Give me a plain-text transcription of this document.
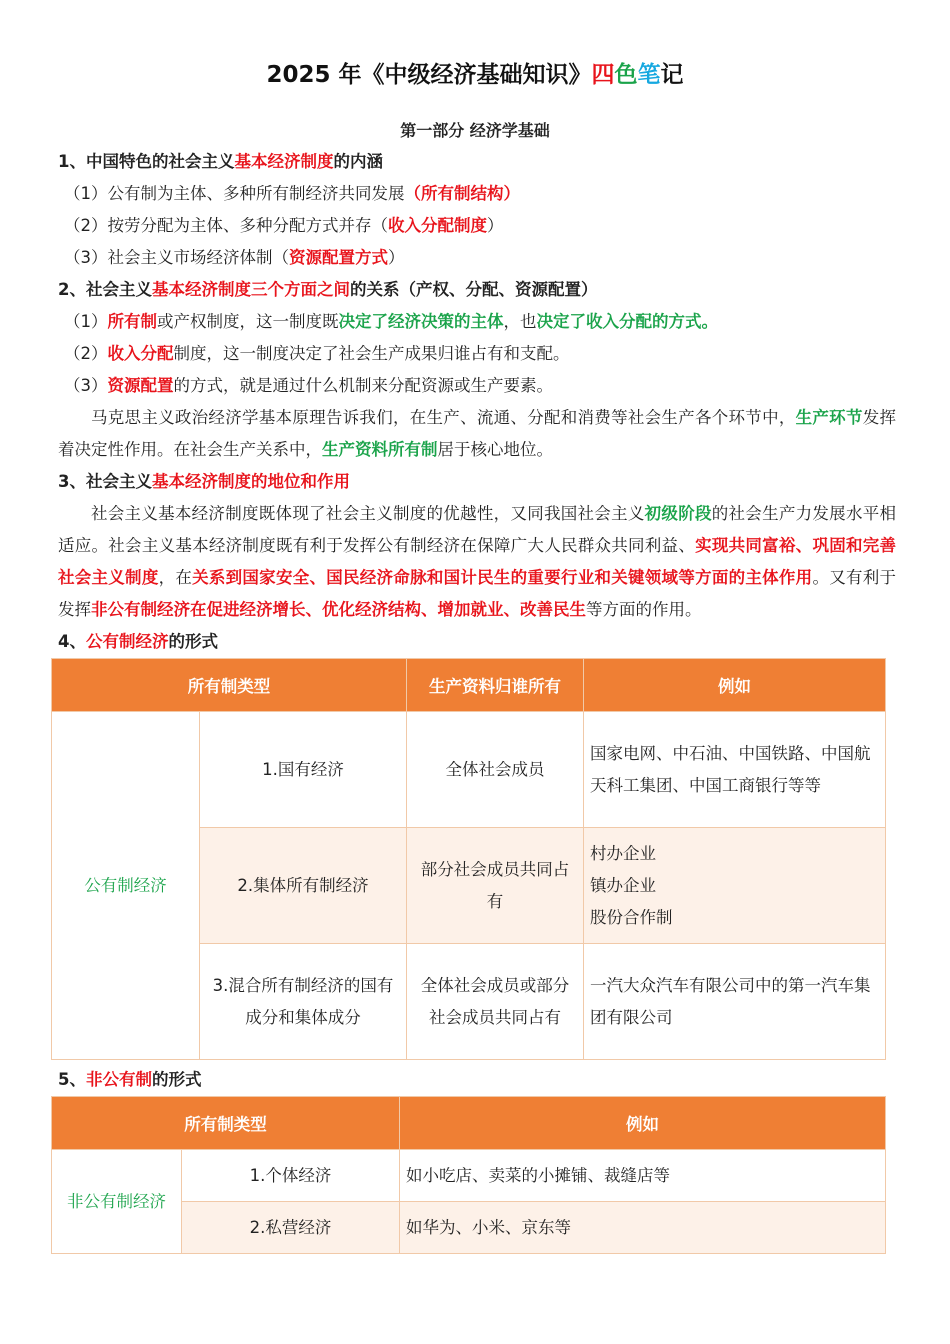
2025 年《中级经济基础知识》四色笔记

第一部分 经济学基础

1、中国特色的社会主义基本经济制度的内涵

（1）公有制为主体、多种所有制经济共同发展（所有制结构）

（2）按劳分配为主体、多种分配方式并存（收入分配制度）

（3）社会主义市场经济体制（资源配置方式）

2、社会主义基本经济制度三个方面之间的关系（产权、分配、资源配置）

（1）所有制或产权制度，这一制度既决定了经济决策的主体，也决定了收入分配的方式。

（2）收入分配制度，这一制度决定了社会生产成果归谁占有和支配。

（3）资源配置的方式，就是通过什么机制来分配资源或生产要素。

马克思主义政治经济学基本原理告诉我们，在生产、流通、分配和消费等社会生产各个环节中，生产环节发挥着决定性作用。在社会生产关系中，生产资料所有制居于核心地位。

3、社会主义基本经济制度的地位和作用

社会主义基本经济制度既体现了社会主义制度的优越性，又同我国社会主义初级阶段的社会生产力发展水平相适应。社会主义基本经济制度既有利于发挥公有制经济在保障广大人民群众共同利益、实现共同富裕、巩固和完善社会主义制度，在关系到国家安全、国民经济命脉和国计民生的重要行业和关键领域等方面的主体作用。又有利于发挥非公有制经济在促进经济增长、优化经济结构、增加就业、改善民生等方面的作用。

4、公有制经济的形式

所有制类型		生产资料归谁所有	例如
公有制经济	1.国有经济	全体社会成员	国家电网、中石油、中国铁路、中国航天科工集团、中国工商银行等等
	2.集体所有制经济	部分社会成员共同占有	村办企业
镇办企业
股份合作制
	3.混合所有制经济的国有成分和集体成分	全体社会成员或部分社会成员共同占有	一汽大众汽车有限公司中的第一汽车集团有限公司

5、非公有制的形式

所有制类型		例如
非公有制经济	1.个体经济	如小吃店、卖菜的小摊铺、裁缝店等
	2.私营经济	如华为、小米、京东等
